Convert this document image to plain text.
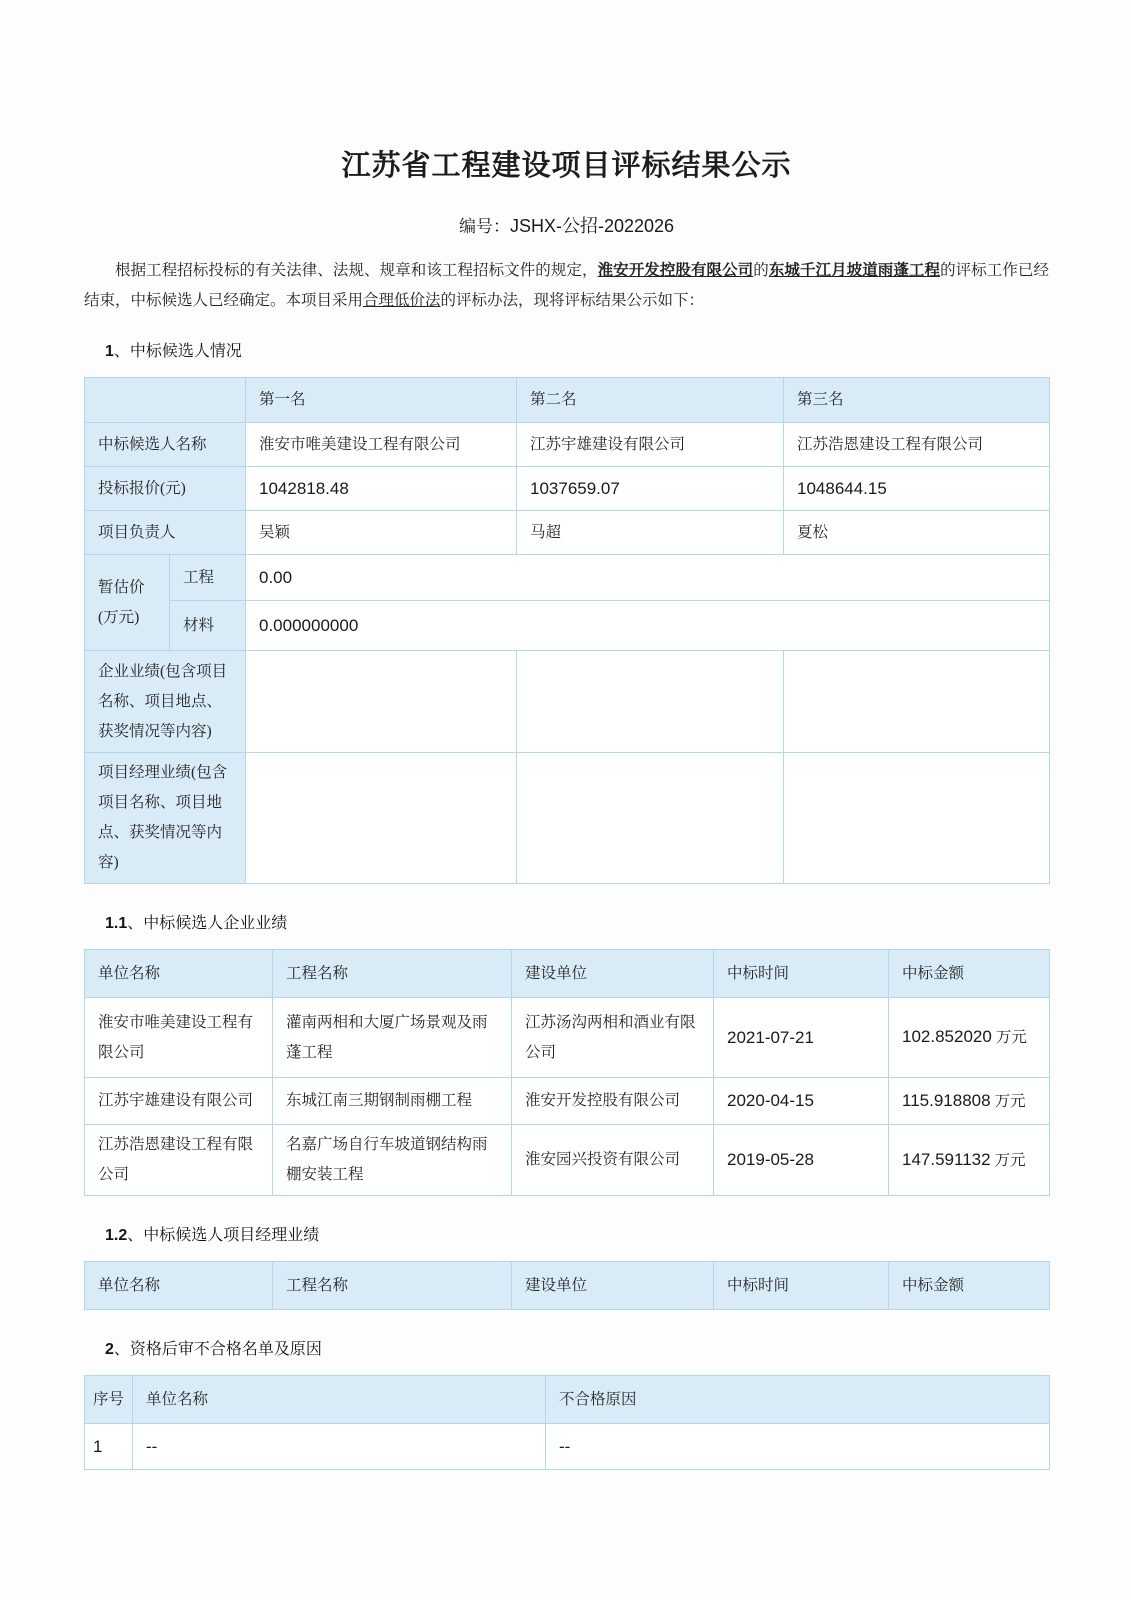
江苏省工程建设项目评标结果公示
编号：JSHX-公招-2022026
根据工程招标投标的有关法律、法规、规章和该工程招标文件的规定，淮安开发控股有限公司的东城千江月坡道雨蓬工程的评标工作已经结束，中标候选人已经确定。本项目采用合理低价法的评标办法，现将评标结果公示如下：
1、中标候选人情况
		第一名	第二名	第三名
中标候选人名称		淮安市唯美建设工程有限公司	江苏宇雄建设有限公司	江苏浩恩建设工程有限公司
投标报价(元)		1042818.48	1037659.07	1048644.15
项目负责人		吴颖	马超	夏松
暂估价
(万元)	工程	0.00		
	材料	0.000000000		
企业业绩(包含项目名称、项目地点、获奖情况等内容)				
项目经理业绩(包含项目名称、项目地点、获奖情况等内容)				
1.1、中标候选人企业业绩
单位名称	工程名称	建设单位	中标时间	中标金额
淮安市唯美建设工程有限公司	灌南两相和大厦广场景观及雨蓬工程	江苏汤沟两相和酒业有限公司	2021-07-21	102.852020 万元
江苏宇雄建设有限公司	东城江南三期钢制雨棚工程	淮安开发控股有限公司	2020-04-15	115.918808 万元
江苏浩恩建设工程有限公司	名嘉广场自行车坡道钢结构雨棚安装工程	淮安园兴投资有限公司	2019-05-28	147.591132 万元
1.2、中标候选人项目经理业绩
单位名称	工程名称	建设单位	中标时间	中标金额
2、资格后审不合格名单及原因
序号	单位名称	不合格原因
1	--	--
